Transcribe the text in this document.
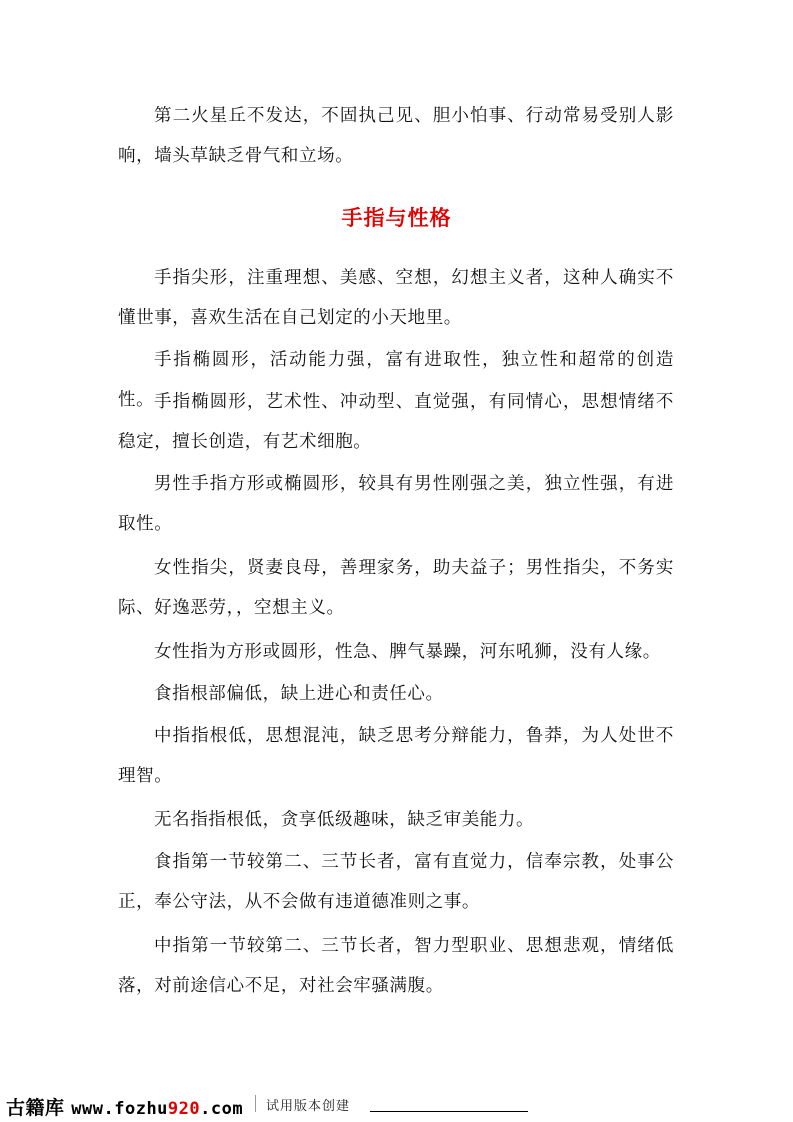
第二火星丘不发达，不固执己见、胆小怕事、行动常易受别人影响，墙头草缺乏骨气和立场。

手指与性格

手指尖形，注重理想、美感、空想，幻想主义者，这种人确实不懂世事，喜欢生活在自己划定的小天地里。

手指椭圆形，活动能力强，富有进取性，独立性和超常的创造性。 手指椭圆形，艺术性、冲动型、直觉强，有同情心，思想情绪不稳定，擅长创造，有艺术细胞。

男性手指方形或椭圆形，较具有男性刚强之美，独立性强，有进取性。

女性指尖，贤妻良母，善理家务，助夫益子；男性指尖，不务实际、好逸恶劳，，空想主义。

女性指为方形或圆形，性急、脾气暴躁，河东吼狮，没有人缘。

食指根部偏低，缺上进心和责任心。

中指指根低，思想混沌，缺乏思考分辩能力，鲁莽，为人处世不理智。

无名指指根低，贪享低级趣味，缺乏审美能力。

食指第一节较第二、三节长者，富有直觉力，信奉宗教，处事公正，奉公守法，从不会做有违道德准则之事。

中指第一节较第二、三节长者，智力型职业、思想悲观，情绪低落，对前途信心不足，对社会牢骚满腹。

古籍库 www.fozhu920.com 试用版本创建
